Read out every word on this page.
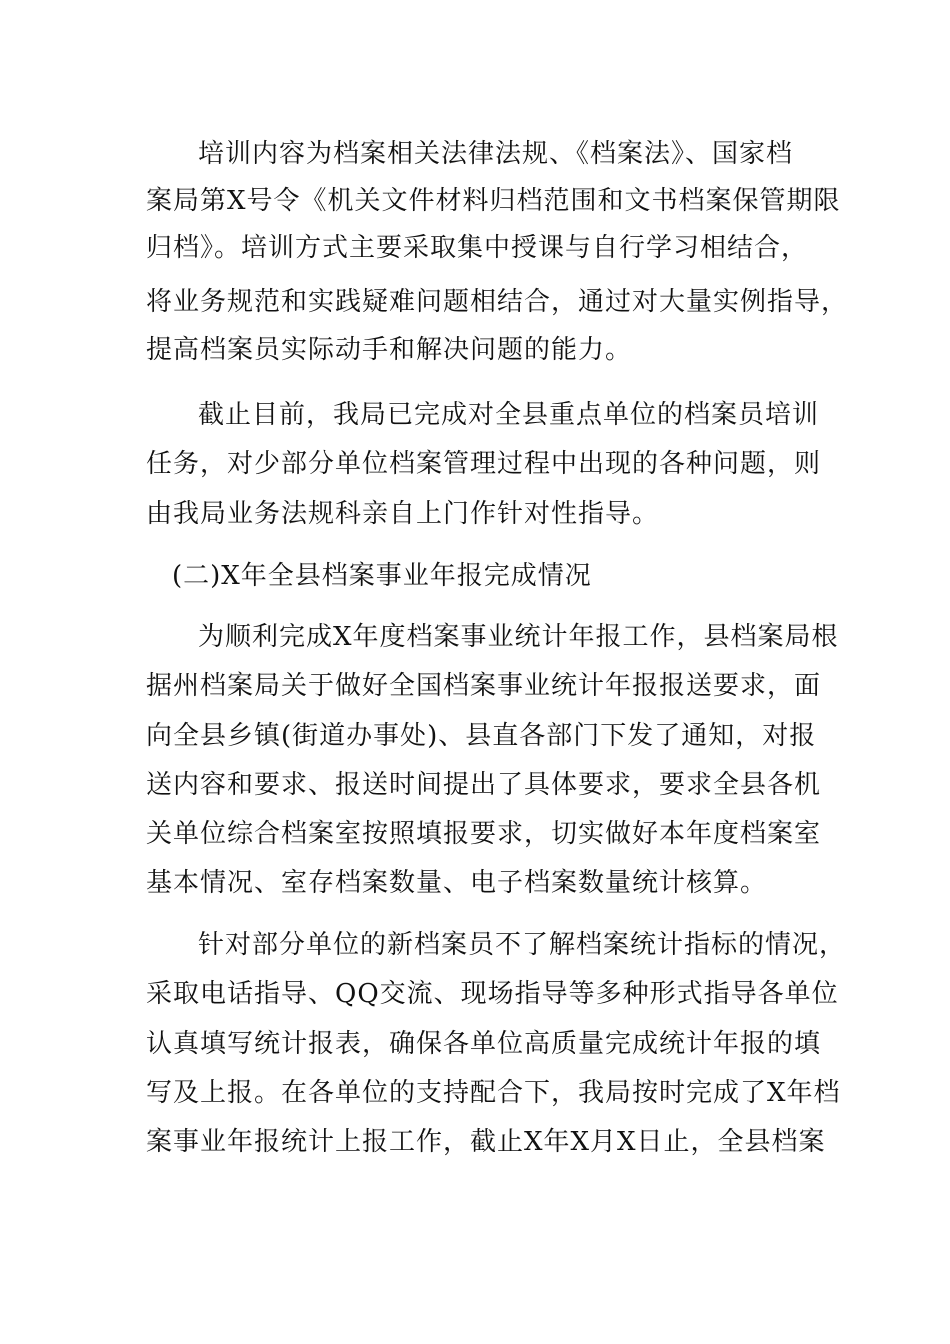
培训内容为档案相关法律法规、《档案法》、国家档
案局第X号令《机关文件材料归档范围和文书档案保管期限
归档》。培训方式主要采取集中授课与自行学习相结合，
将业务规范和实践疑难问题相结合，通过对大量实例指导，
提高档案员实际动手和解决问题的能力。
截止目前，我局已完成对全县重点单位的档案员培训
任务，对少部分单位档案管理过程中出现的各种问题，则
由我局业务法规科亲自上门作针对性指导。
(二)X年全县档案事业年报完成情况
为顺利完成X年度档案事业统计年报工作，县档案局根
据州档案局关于做好全国档案事业统计年报报送要求，面
向全县乡镇(街道办事处)、县直各部门下发了通知，对报
送内容和要求、报送时间提出了具体要求，要求全县各机
关单位综合档案室按照填报要求，切实做好本年度档案室
基本情况、室存档案数量、电子档案数量统计核算。
针对部分单位的新档案员不了解档案统计指标的情况，
采取电话指导、QQ交流、现场指导等多种形式指导各单位
认真填写统计报表，确保各单位高质量完成统计年报的填
写及上报。在各单位的支持配合下，我局按时完成了X年档
案事业年报统计上报工作，截止X年X月X日止，全县档案
